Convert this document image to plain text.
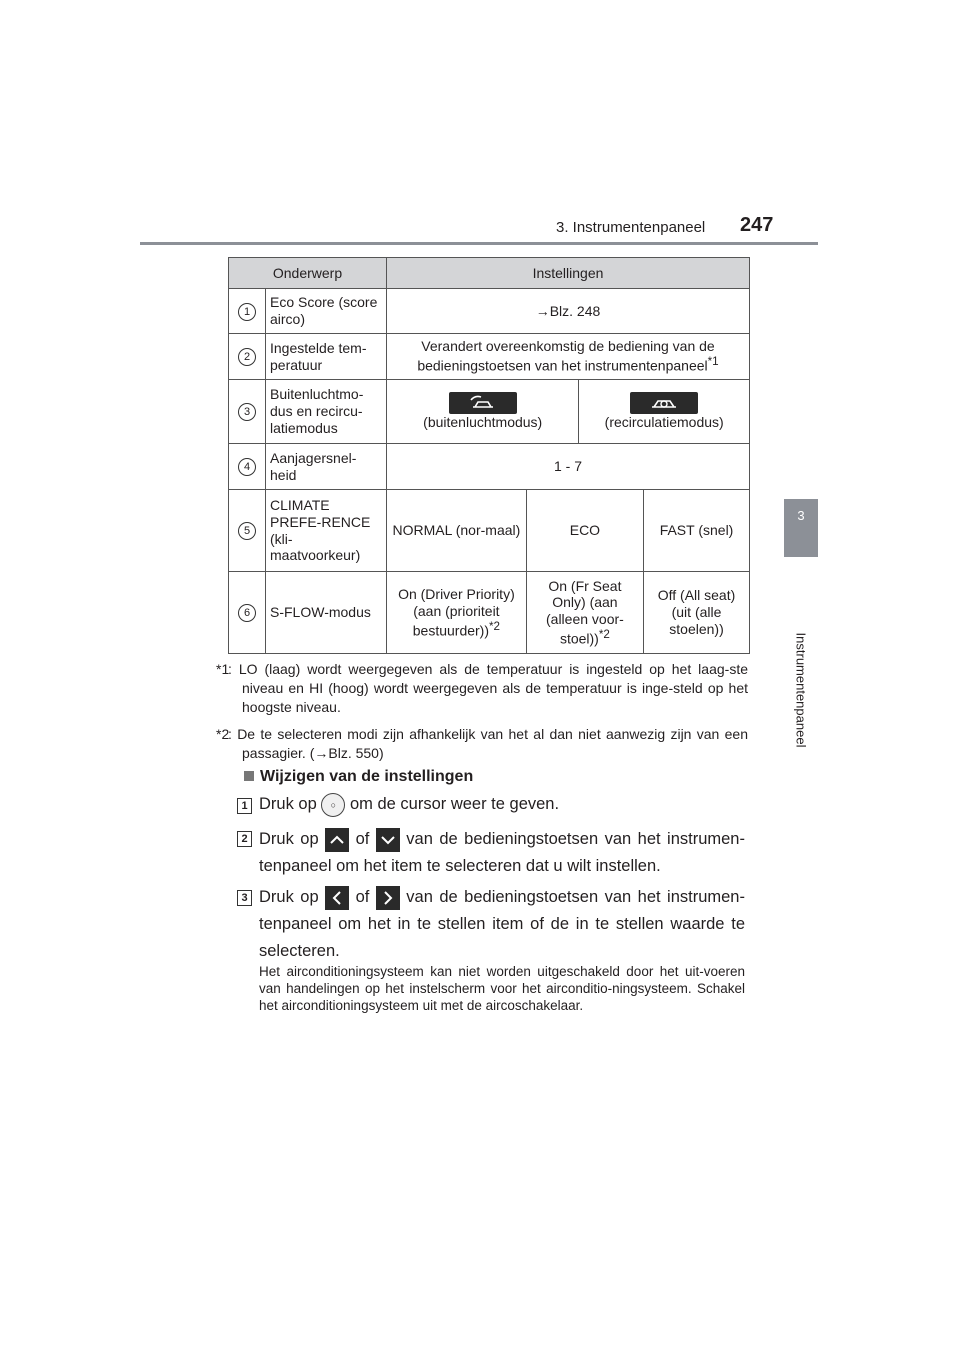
3. Instrumentenpaneel 247
3
Instrumentenpaneel
Onderwerp		Instellingen			
1	Eco Score (score airco)	→Blz. 248			
2	Ingestelde tem-peratuur	Verandert overeenkomstig de bediening van de bedieningstoetsen van het instrumentenpaneel$^{*1}$
3	Buitenluchtmo-dus en recircu-latiemodus	(buitenluchtmodus)		(recirculatiemodus)	
4	Aanjagersnel-heid	1 - 7			
5	CLIMATE PREFE-RENCE (kli-maatvoorkeur)	NORMAL (nor-maal)	ECO		FAST (snel)
6	S-FLOW-modus	On (Driver Priority) (aan (prioriteit bestuurder))$^{*2}$	On (Fr Seat Only) (aan (alleen voor-stoel))$^{*2}$		Off (All seat) (uit (alle stoelen))
*1
: LO (laag) wordt weergegeven als de temperatuur is ingesteld op het laag-ste niveau en HI (hoog) wordt weergegeven als de temperatuur is inge-steld op het hoogste niveau.
*2
: De te selecteren modi zijn afhankelijk van het al dan niet aanwezig zijn van een passagier. (→Blz. 550)
Wijzigen van de instellingen
1 Druk op ○ om de cursor weer te geven.
2 Druk op of van de bedieningstoetsen van het instrumen-tenpaneel om het item te selecteren dat u wilt instellen.
3 Druk op of van de bedieningstoetsen van het instrumen-tenpaneel om het in te stellen item of de in te stellen waarde te selecteren.
Het airconditioningsysteem kan niet worden uitgeschakeld door het uit-voeren van handelingen op het instelscherm voor het airconditio-ningsysteem. Schakel het airconditioningsysteem uit met de aircoschakelaar.
